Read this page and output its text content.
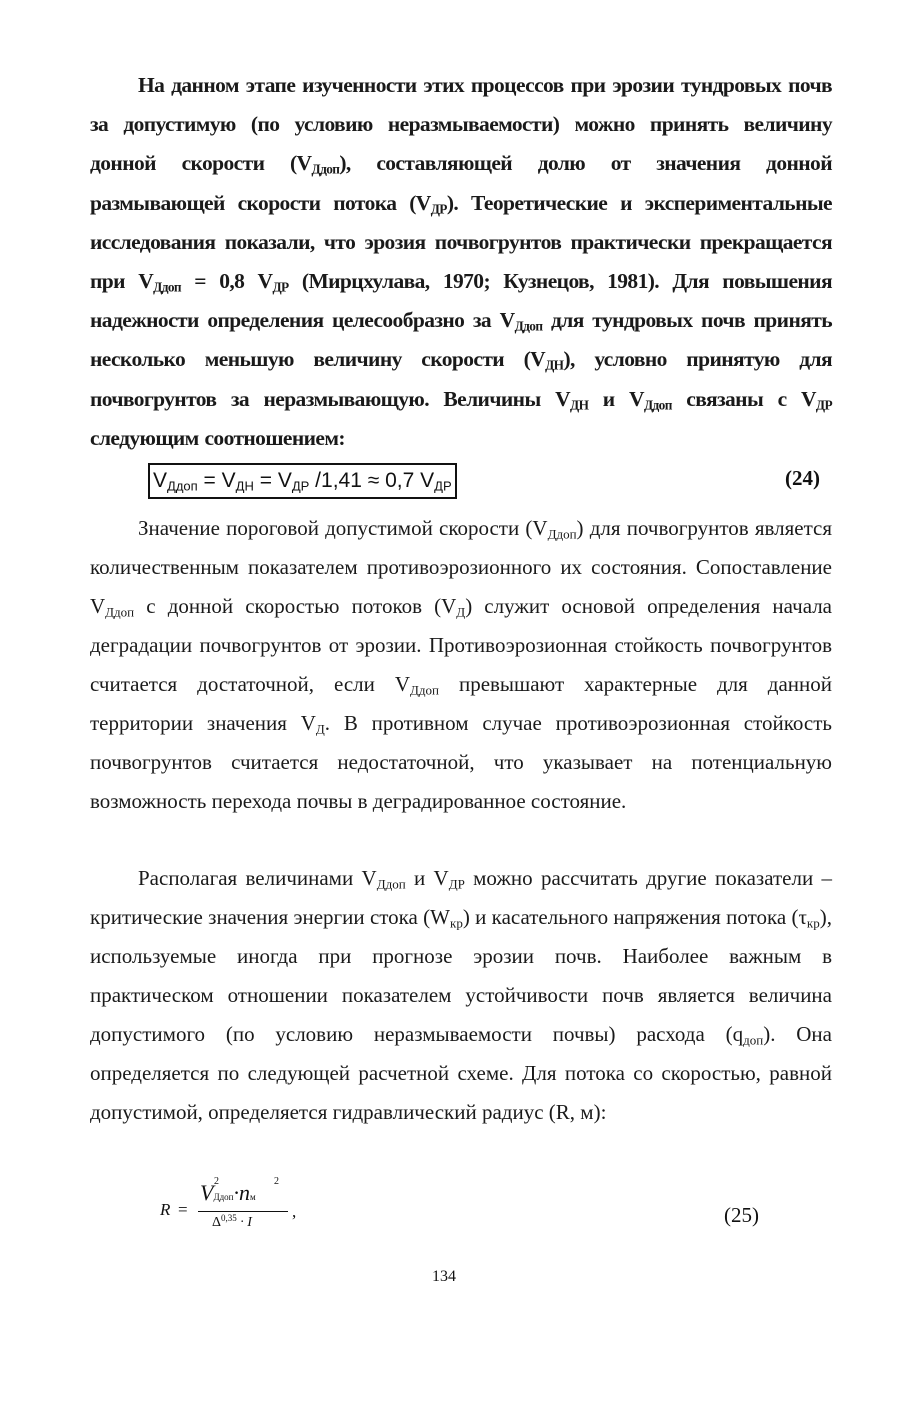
На данном этапе изученности этих процессов при эрозии тундровых почв за допустимую (по условию неразмываемости) можно принять величину донной скорости $(V_{Ддоп})$, составляющей долю от значения донной размывающей скорости потока $(V_{ДР})$. Теоретические и экспериментальные исследования показали, что эрозия почвогрунтов практически прекращается при $V_{Ддоп} = 0,8$ $V_{ДР}$ (Мирцхулава, 1970; Кузнецов, 1981). Для повышения надежности определения целесообразно за $V_{Ддоп}$ для тундровых почв принять несколько меньшую величину скорости $(V_{ДН})$, условно принятую для почвогрунтов за неразмывающую. Величины $V_{ДН}$ и $V_{Ддоп}$ связаны с $V_{ДР}$ следующим соотношением:
$V_{Ддоп} = V_{ДН} = V_{ДР}$ /1,41 ≈ 0,7 $V_{ДР}$	(24)
Значение пороговой допустимой скорости $(V_{Ддоп})$ для почвогрунтов является количественным показателем противоэрозионного их состояния. Сопоставление $V_{Ддоп}$ с донной скоростью потоков $(V_Д)$ служит основой определения начала деградации почвогрунтов от эрозии. Противоэрозионная стойкость почвогрунтов считается достаточной, если $V_{Ддоп}$ превышают характерные для данной территории значения $V_Д$. В противном случае противоэрозионная стойкость почвогрунтов считается недостаточной, что указывает на потенциальную возможность перехода почвы в деградированное состояние.
Располагая величинами $V_{Ддоп}$ и $V_{ДР}$ можно рассчитать другие показатели – критические значения энергии стока $(W_{кр})$ и касательного напряжения потока $(\tau_{кр})$, используемые иногда при прогнозе эрозии почв. Наиболее важным в практическом отношении показателем устойчивости почв является величина допустимого (по условию неразмываемости почвы) расхода $(q_{доп})$. Она определяется по следующей расчетной схеме. Для потока со скоростью, равной допустимой, определяется гидравлический радиус (R, м):
R =
V 2
Ддоп·n 2
м
Δ$^{0,35}$ · I
,	(25)
134
